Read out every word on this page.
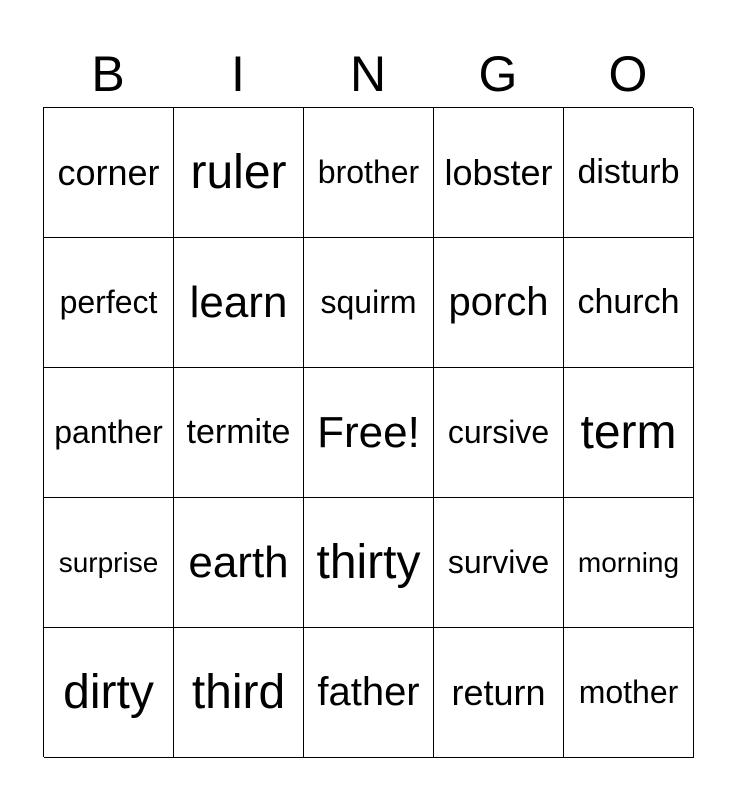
B	I	N	G	O
corner ruler brother lobster disturb
perfect learn	squirm porch church
panther termite Free! cursive term
surprise earth thirty survive	morning
dirty third father return	mother
